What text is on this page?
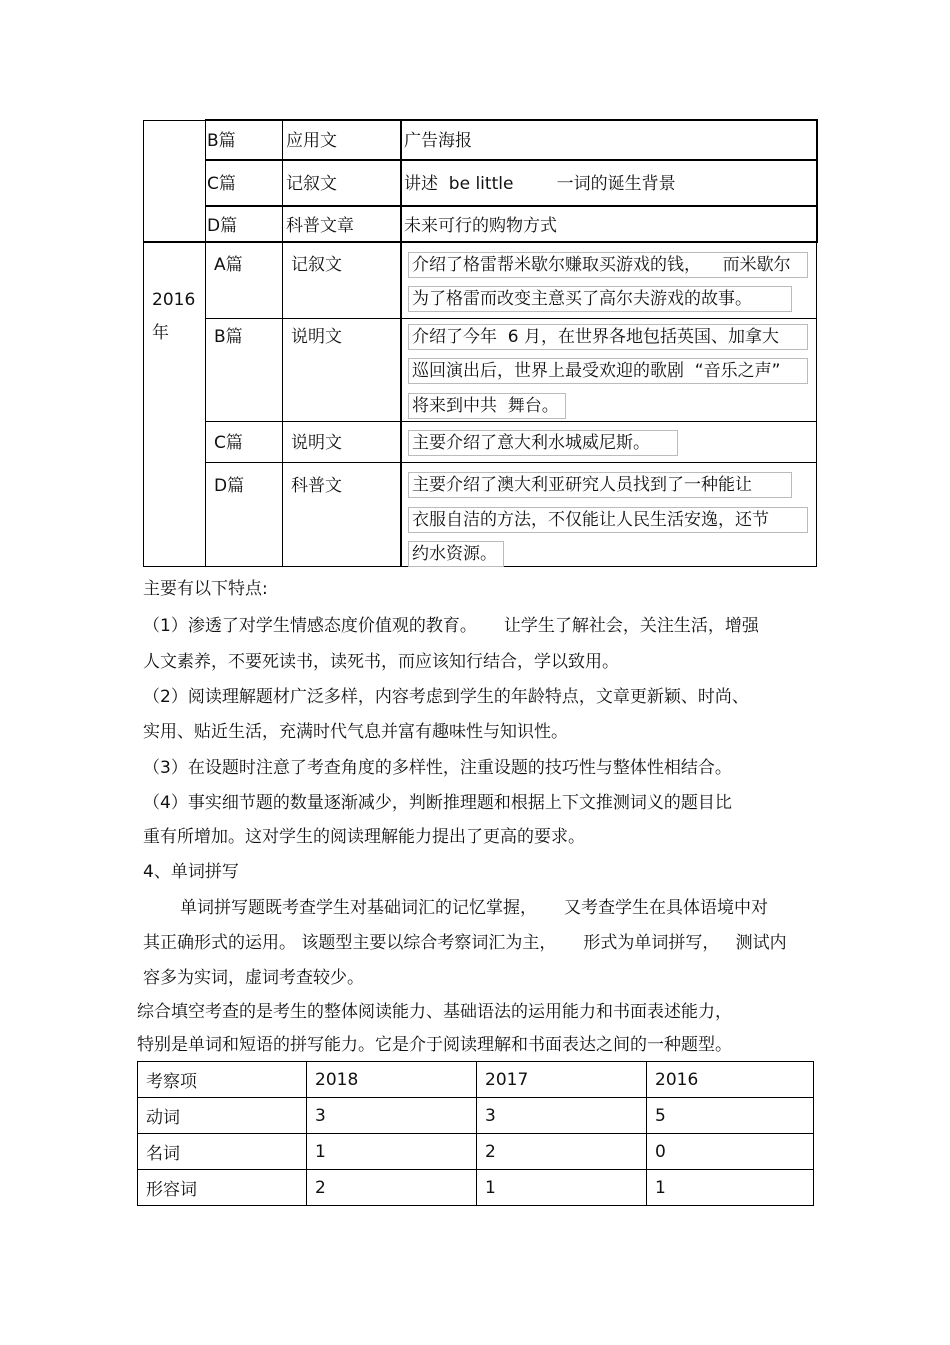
B篇	应用文	广告海报
C篇	记叙文	讲述  be little        一词的诞生背景
D篇	科普文章	未来可行的购物方式
2016
年
A篇	记叙文	介绍了格雷帮米歇尔赚取买游戏的钱，    而米歇尔
为了格雷而改变主意买了高尔夫游戏的故事。
B篇	说明文	介绍了今年  6 月，在世界各地包括英国、加拿大
巡回演出后，世界上最受欢迎的歌剧  “音乐之声”
将来到中共  舞台。
C篇	说明文	主要介绍了意大利水城威尼斯。
D篇	科普文	主要介绍了澳大利亚研究人员找到了一种能让
衣服自洁的方法，不仅能让人民生活安逸，还节
约水资源。
主要有以下特点:
（1）渗透了对学生情感态度价值观的教育。     让学生了解社会，关注生活，增强
人文素养，不要死读书，读死书，而应该知行结合，学以致用。
（2）阅读理解题材广泛多样，内容考虑到学生的年龄特点，文章更新颖、时尚、
实用、贴近生活，充满时代气息并富有趣味性与知识性。
（3）在设题时注意了考查角度的多样性，注重设题的技巧性与整体性相结合。
（4）事实细节题的数量逐渐减少，判断推理题和根据上下文推测词义的题目比
重有所增加。这对学生的阅读理解能力提出了更高的要求。
4、单词拼写
单词拼写题既考查学生对基础词汇的记忆掌握，     又考查学生在具体语境中对
其正确形式的运用。 该题型主要以综合考察词汇为主，     形式为单词拼写，   测试内
容多为实词，虚词考查较少。
综合填空考查的是考生的整体阅读能力、基础语法的运用能力和书面表述能力，
特别是单词和短语的拼写能力。它是介于阅读理解和书面表达之间的一种题型。
考察项	2018	2017	2016
动词	3	3	5
名词	1	2	0
形容词	2	1	1
